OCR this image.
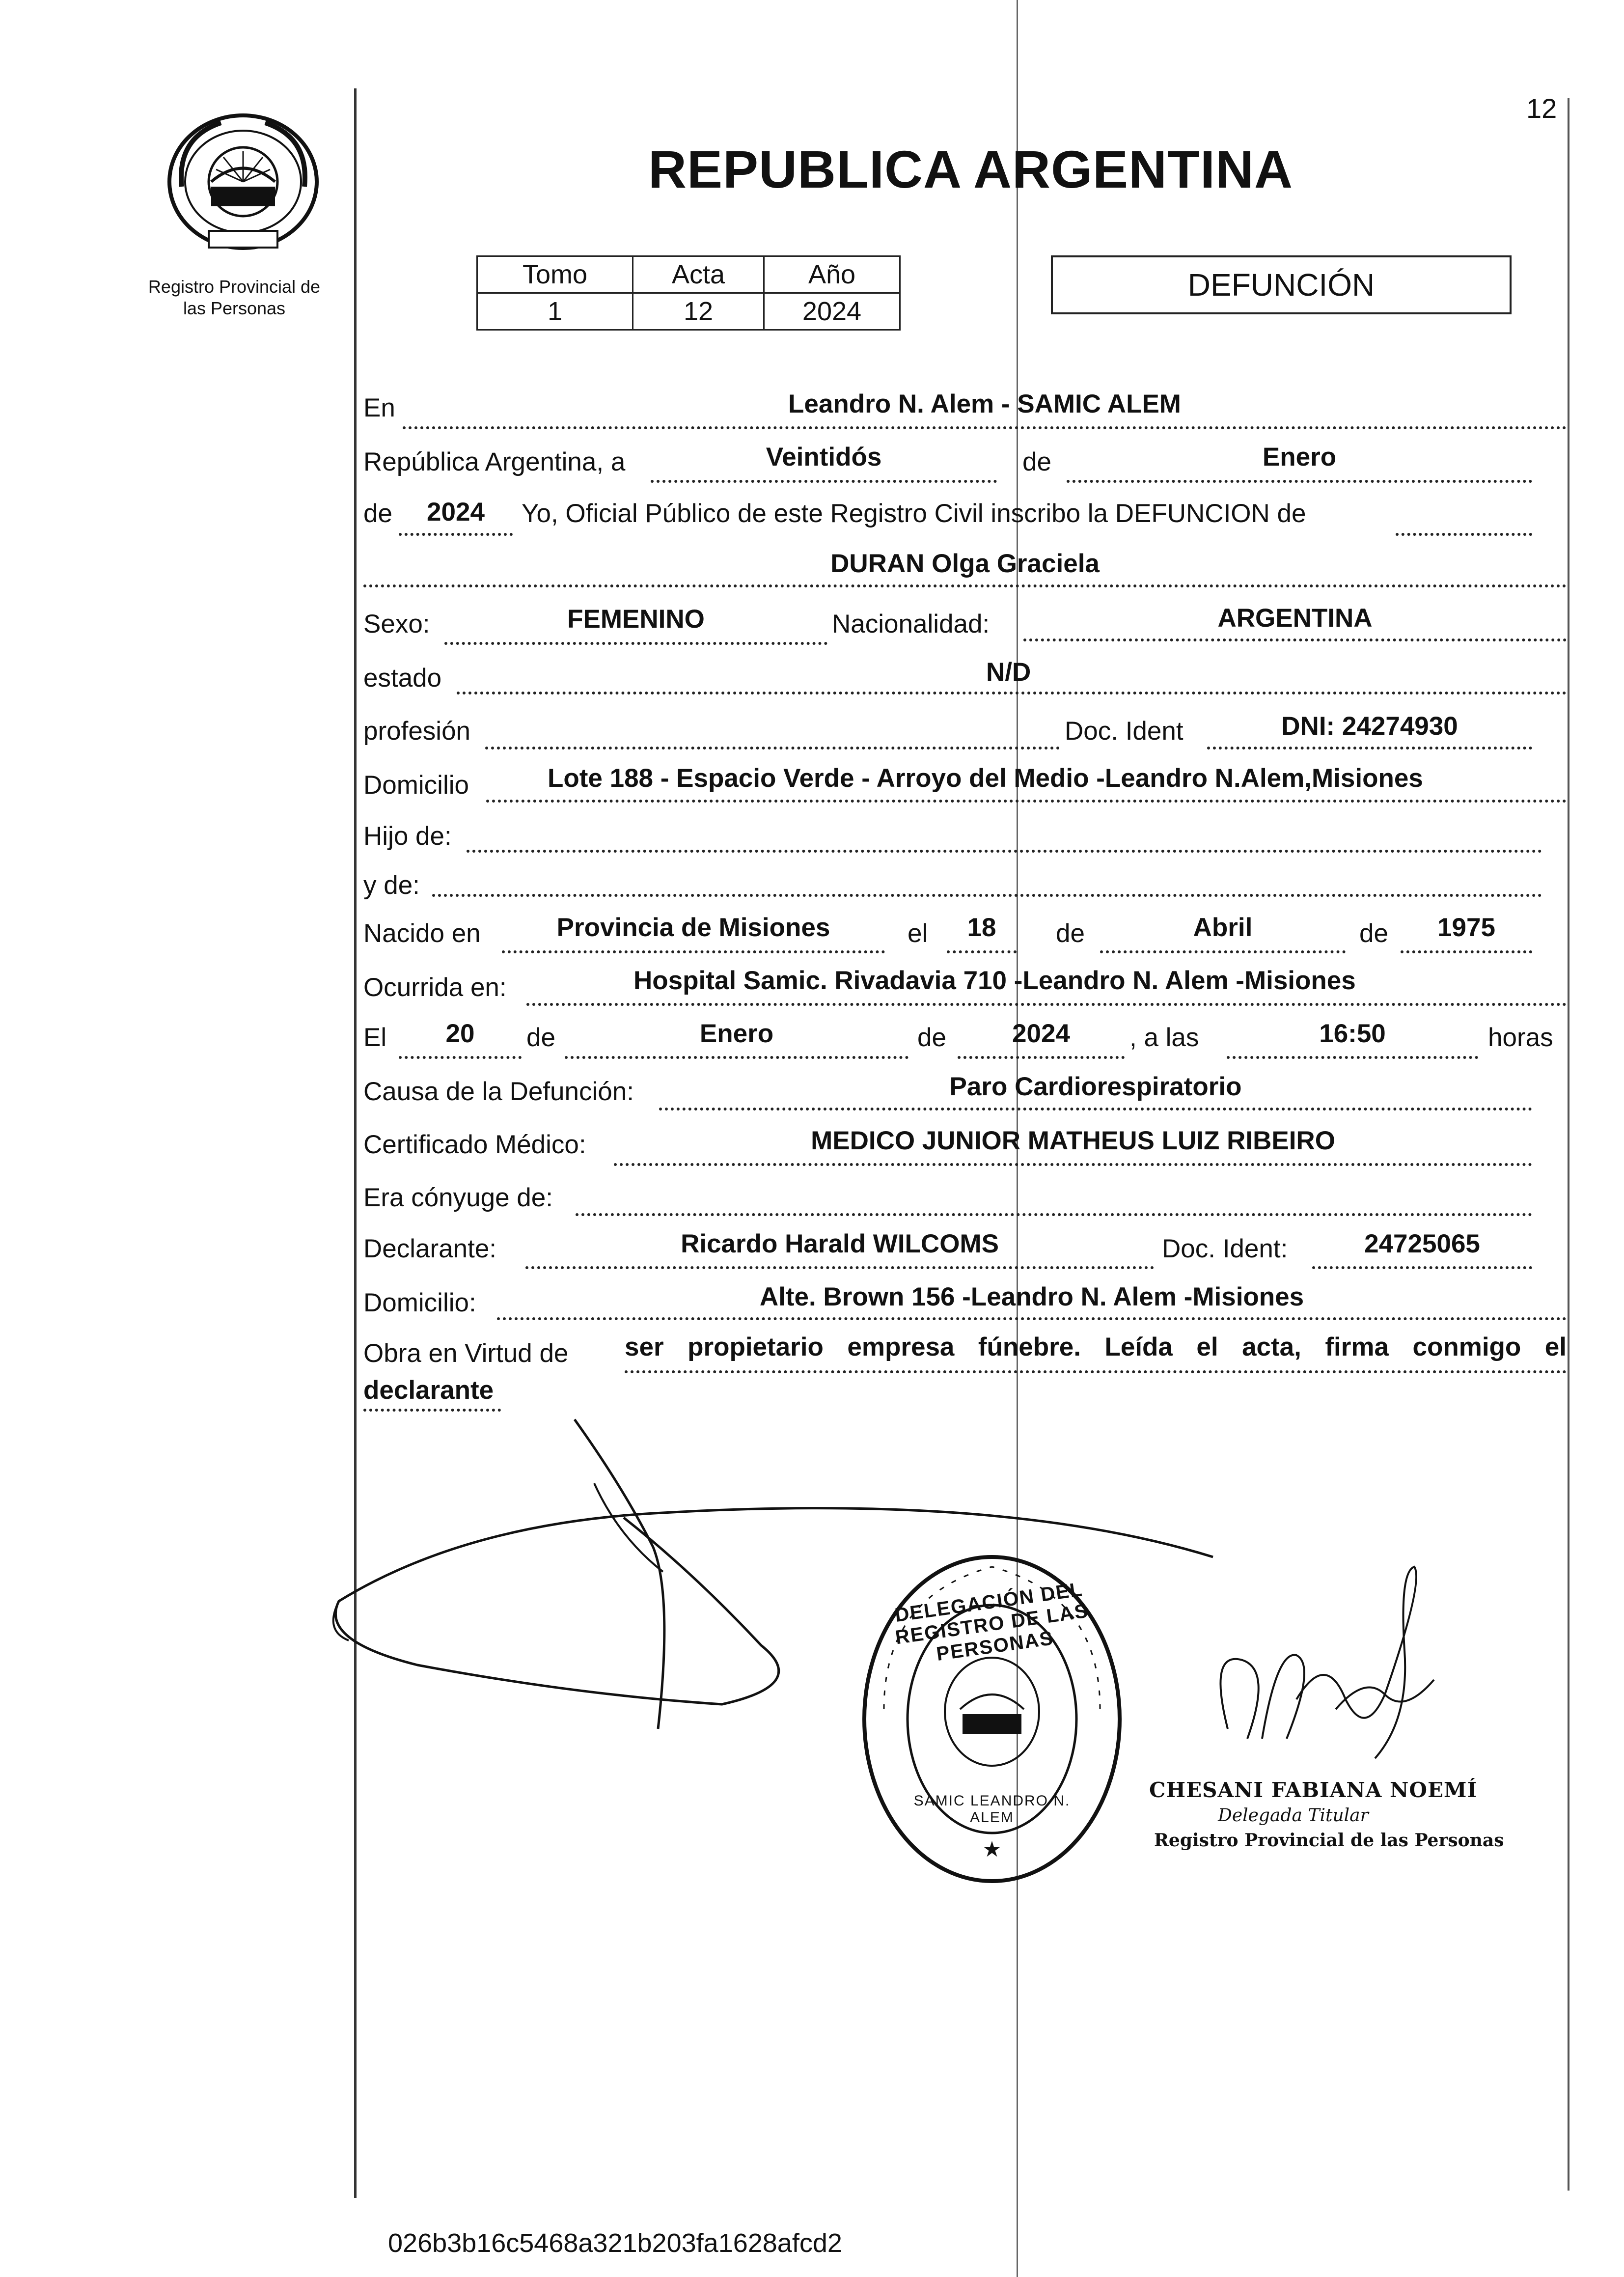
12
Registro Provincial de
las Personas
REPUBLICA ARGENTINA
Tomo	Acta	Año
1	12	2024
DEFUNCIÓN
En	Leandro N. Alem - SAMIC ALEM
República Argentina, a	Veintidós	de	Enero
de	2024	Yo, Oficial Público de este Registro Civil inscribo la DEFUNCION de
DURAN Olga Graciela
Sexo:	FEMENINO	Nacionalidad:	ARGENTINA
estado	N/D
profesión	Doc. Ident	DNI: 24274930
Domicilio	Lote 188 - Espacio Verde - Arroyo del Medio -Leandro N.Alem,Misiones
Hijo de:
y de:
Nacido en	Provincia de Misiones	el	18	de	Abril	de	1975
Ocurrida en:	Hospital Samic. Rivadavia 710 -Leandro N. Alem -Misiones
El	20	de	Enero	de	2024	, a las	16:50	horas
Causa de la Defunción:	Paro Cardiorespiratorio
Certificado Médico:	MEDICO JUNIOR MATHEUS LUIZ RIBEIRO
Era cónyuge de:
Declarante:	Ricardo Harald WILCOMS	Doc. Ident:	24725065
Domicilio:	Alte. Brown 156 -Leandro N. Alem -Misiones
Obra en Virtud de ser propietario empresa fúnebre. Leída el acta, firma conmigo el
declarante
DELEGACIÓN DEL REGISTRO DE LAS PERSONAS
SAMIC LEANDRO N. ALEM
★
CHESANI FABIANA NOEMÍ
Delegada Titular
Registro Provincial de las Personas
026b3b16c5468a321b203fa1628afcd2
